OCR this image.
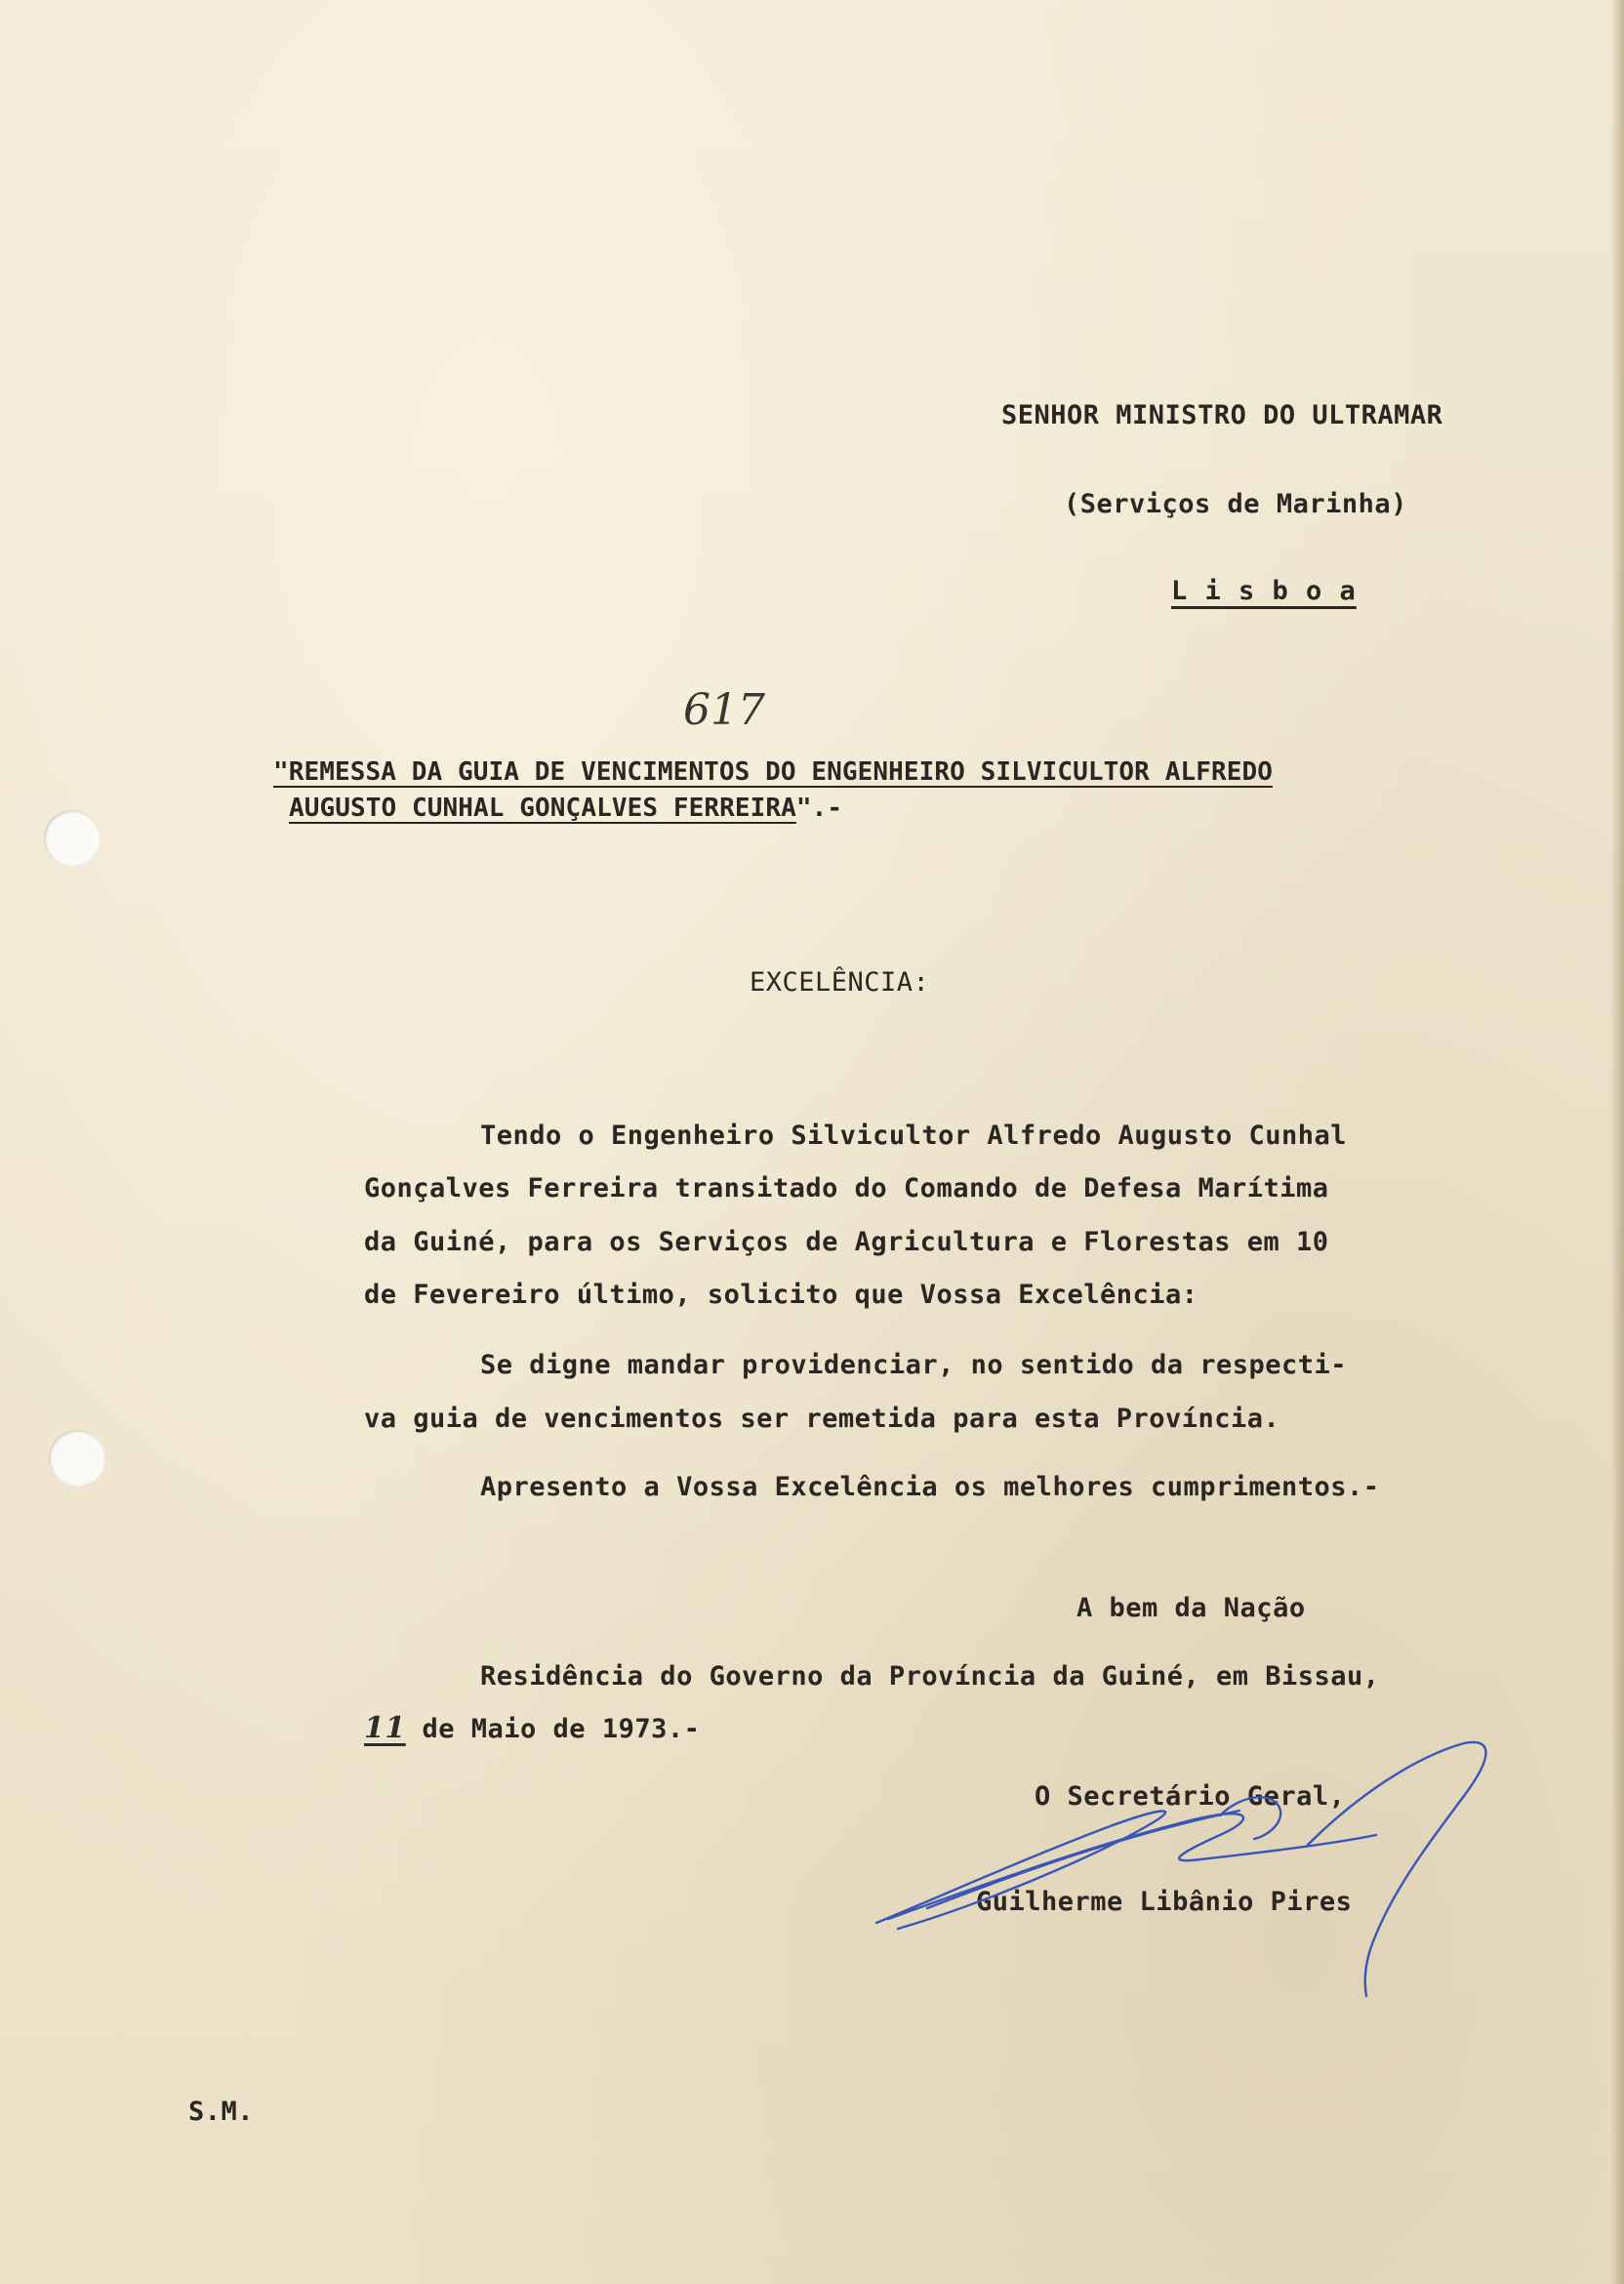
SENHOR MINISTRO DO ULTRAMAR
(Serviços de Marinha)
L i s b o a
617
"REMESSA DA GUIA DE VENCIMENTOS DO ENGENHEIRO SILVICULTOR ALFREDO
AUGUSTO CUNHAL GONÇALVES FERREIRA".-
EXCELÊNCIA:
Tendo o Engenheiro Silvicultor Alfredo Augusto Cunhal
Gonçalves Ferreira transitado do Comando de Defesa Marítima
da Guiné, para os Serviços de Agricultura e Florestas em 10
de Fevereiro último, solicito que Vossa Excelência:
Se digne mandar providenciar, no sentido da respecti-
va guia de vencimentos ser remetida para esta Província.
Apresento a Vossa Excelência os melhores cumprimentos.-
A bem da Nação
Residência do Governo da Província da Guiné, em Bissau,
11 de Maio de 1973.-
O Secretário Geral,
Guilherme Libânio Pires
S.M.
